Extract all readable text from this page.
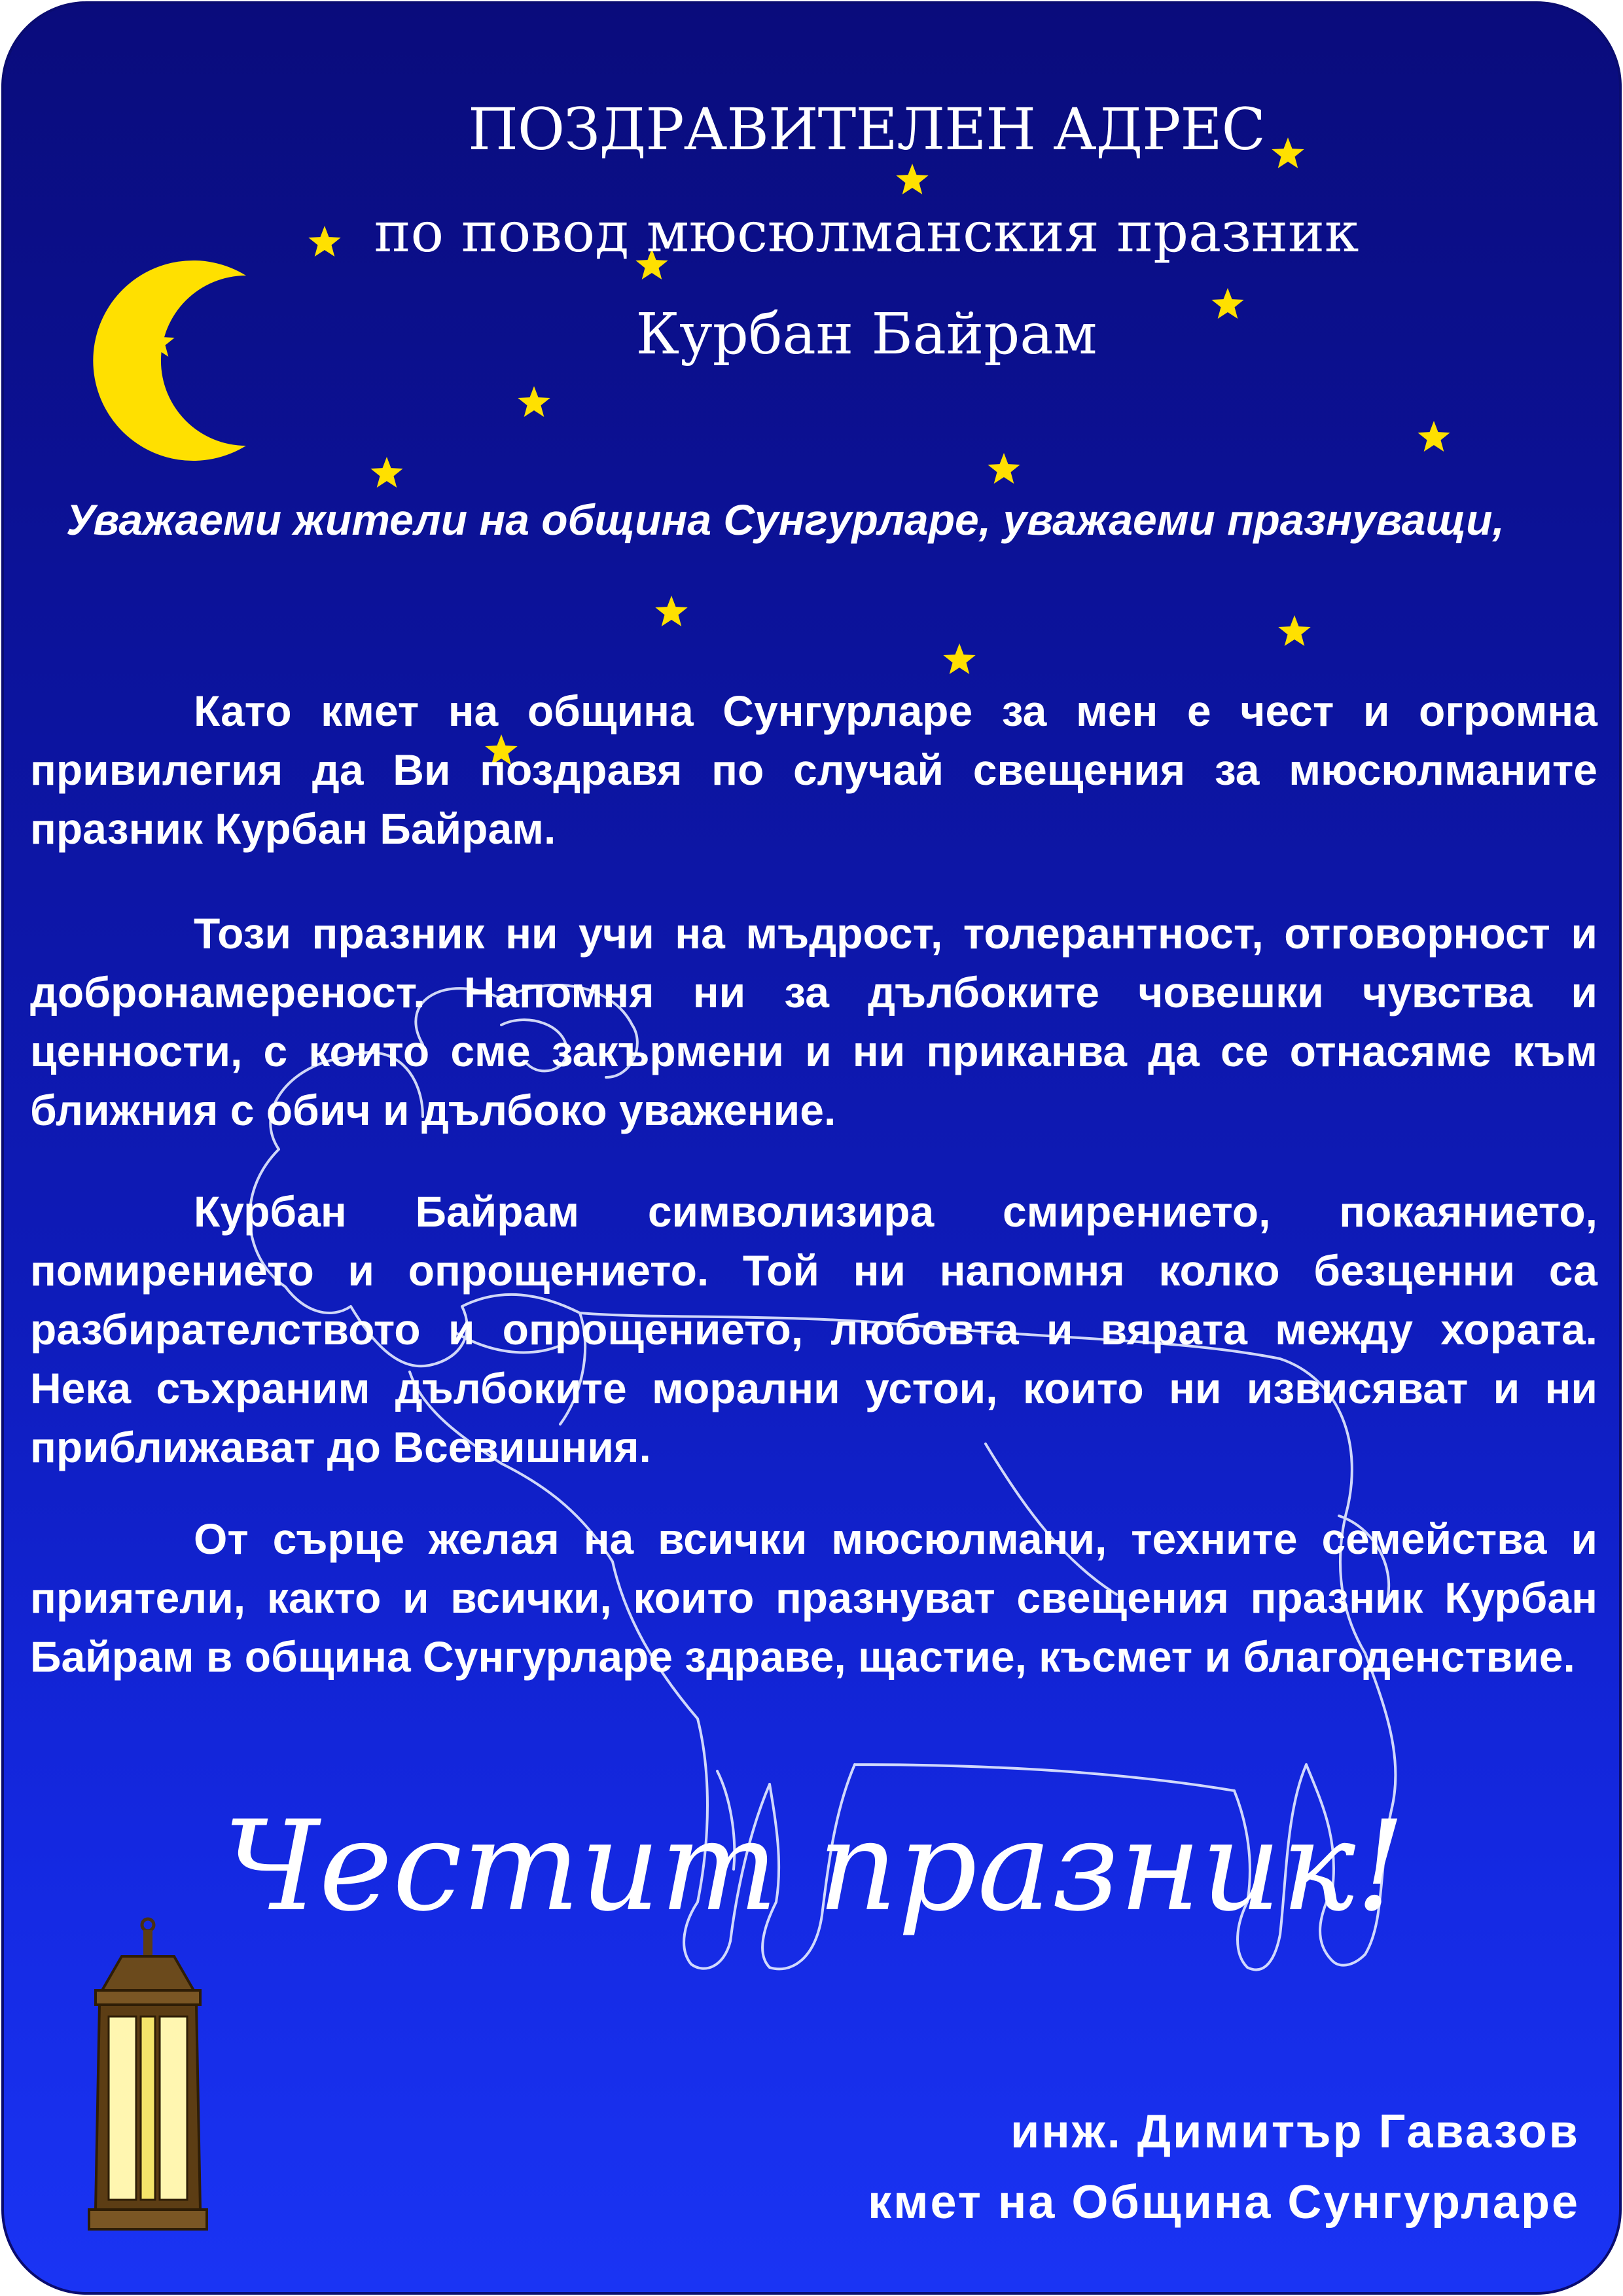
ПОЗДРАВИТЕЛЕН АДРЕС
по повод мюсюлманския празник
Курбан Байрам
Уважаеми жители на община Сунгурларе, уважаеми празнуващи,
Като кмет на община Сунгурларе за мен е чест и огромна привилегия да Ви поздравя по случай свещения за мюсюлманите празник Курбан Байрам.
Този празник ни учи на мъдрост, толерантност, отговорност и добронамереност. Напомня ни за дълбоките човешки чувства и ценности, с които сме закърмени и ни приканва да се отнасяме към ближния с обич и дълбоко уважение.
Курбан Байрам символизира смирението, покаянието, помирението и опрощението. Той ни напомня колко безценни са разбирателството и опрощението, любовта и вярата между хората. Нека съхраним дълбоките морални устои, които ни извисяват и ни приближават до Всевишния.
От сърце желая на всички мюсюлмани, техните семейства и приятели, както и всички, които празнуват свещения празник Курбан Байрам в община Сунгурларе здраве, щастие, късмет и благоденствие.
Честит празник!
инж. Димитър Гавазов
кмет на Община Сунгурларе
